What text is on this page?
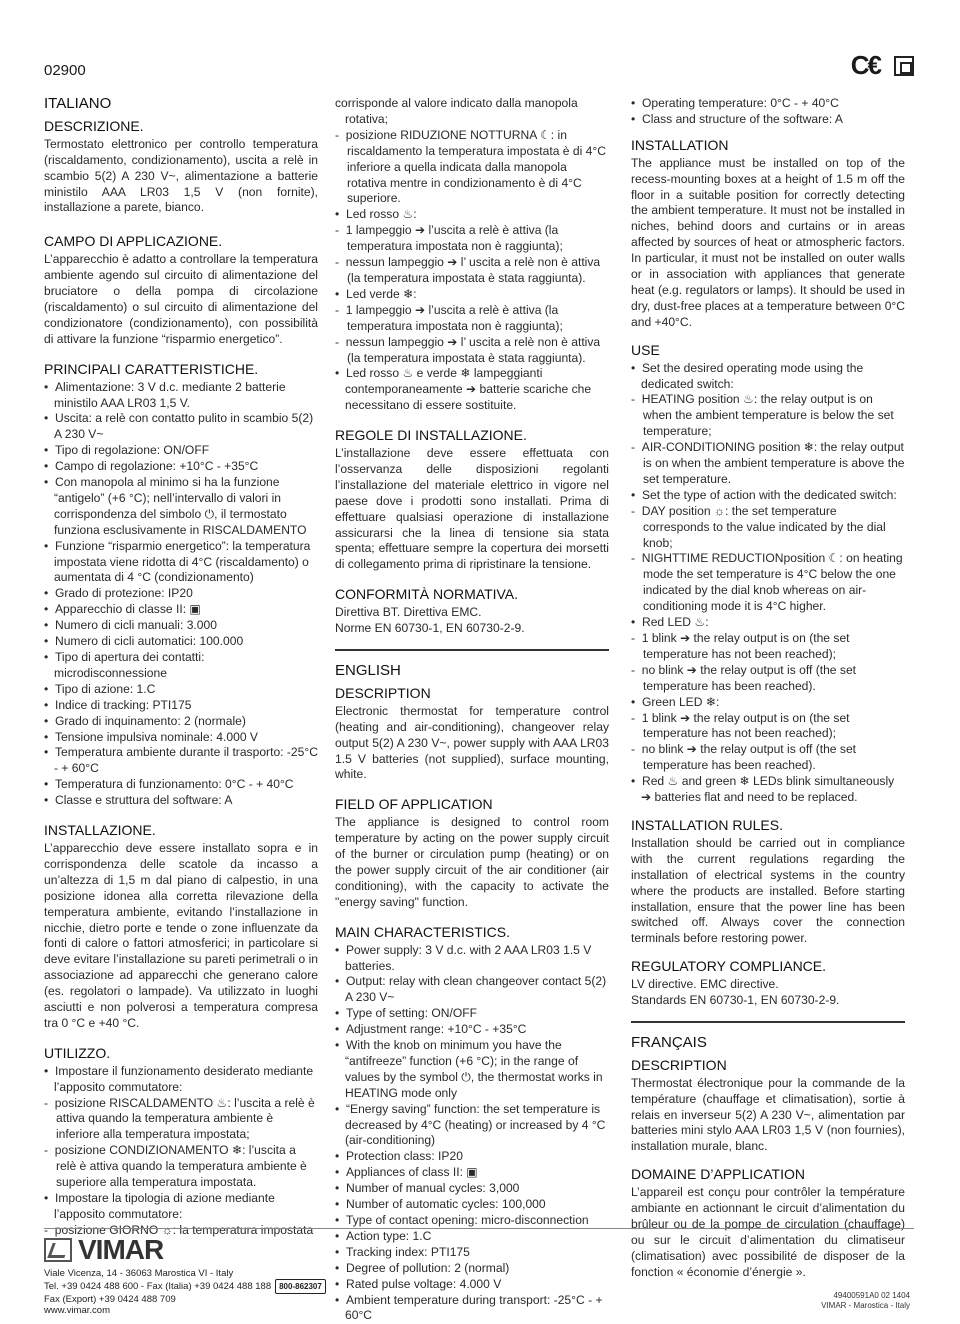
02900	C€
ITALIANO
DESCRIZIONE.

Termostato elettronico per controllo temperatura (riscaldamento, condizionamento), uscita a relè in scambio 5(2) A 230 V~, alimentazione a batterie ministilo AAA LR03 1,5 V (non fornite), installazione a parete, bianco.

CAMPO DI APPLICAZIONE.

L’apparecchio è adatto a controllare la temperatura ambiente agendo sul circuito di alimentazione del bruciatore o della pompa di circolazione (riscaldamento) o sul circuito di alimentazione del condizionatore (condizionamento), con possibilità di attivare la funzione “risparmio energetico”.

PRINCIPALI CARATTERISTICHE.
•  Alimentazione: 3 V d.c. mediante 2 batterie ministilo AAA LR03 1,5 V.
•  Uscita: a relè con contatto pulito in scambio 5(2) A 230 V~
•  Tipo di regolazione: ON/OFF
•  Campo di regolazione: +10°C - +35°C
•  Con manopola al minimo si ha la funzione “antigelo” (+6 °C); nell’intervallo di valori in corrispondenza del simbolo ⏻, il termostato funziona esclusivamente in RISCALDAMENTO
•  Funzione “risparmio energetico”: la temperatura impostata viene ridotta di 4°C (riscaldamento) o aumentata di 4 °C (condizionamento)
•  Grado di protezione: IP20
•  Apparecchio di classe II: ▣
•  Numero di cicli manuali: 3.000
•  Numero di cicli automatici: 100.000
•  Tipo di apertura dei contatti: microdisconnessione
•  Tipo di azione: 1.C
•  Indice di tracking: PTI175
•  Grado di inquinamento: 2 (normale)
•  Tensione impulsiva nominale: 4.000 V
•  Temperatura ambiente durante il trasporto: -25°C - + 60°C
•  Temperatura di funzionamento: 0°C - + 40°C
•  Classe e struttura del software: A
INSTALLAZIONE.

L’apparecchio deve essere installato sopra e in corrispondenza delle scatole da incasso a un’altezza di 1,5 m dal piano di calpestio, in una posizione idonea alla corretta rilevazione della temperatura ambiente, evitando l’installazione in nicchie, dietro porte e tende o zone influenzate da fonti di calore o fattori atmosferici; in particolare si deve evitare l’installazione su pareti perimetrali o in associazione ad apparecchi che generano calore (es. regolatori o lampade). Va utilizzato in luoghi asciutti e non polverosi a temperatura compresa tra 0 °C e +40 °C.

UTILIZZO.
•  Impostare il funzionamento desiderato mediante l’apposito commutatore:
-  posizione RISCALDAMENTO ♨: l’uscita a relè è attiva quando la temperatura ambiente è inferiore alla temperatura impostata;
-  posizione CONDIZIONAMENTO ❄: l’uscita a relè è attiva quando la temperatura ambiente è superiore alla temperatura impostata.
•  Impostare la tipologia di azione mediante l’apposito commutatore:
-  posizione GIORNO ☼: la temperatura impostata
corrisponde al valore indicato dalla manopola rotativa;
-  posizione RIDUZIONE NOTTURNA ☾: in riscaldamento la temperatura impostata è di 4°C inferiore a quella indicata dalla manopola rotativa mentre in condizionamento è di 4°C superiore.
•  Led rosso ♨:
-  1 lampeggio ➔ l’uscita a relè è attiva (la temperatura impostata non è raggiunta);
-  nessun lampeggio ➔ l’ uscita a relè non è attiva (la temperatura impostata è stata raggiunta).
•  Led verde ❄:
-  1 lampeggio ➔ l’uscita a relè è attiva (la temperatura impostata non è raggiunta);
-  nessun lampeggio ➔ l’ uscita a relè non è attiva (la temperatura impostata è stata raggiunta).
•  Led rosso ♨ e verde ❄ lampeggianti contemporaneamente ➔ batterie scariche che necessitano di essere sostituite.
REGOLE DI INSTALLAZIONE.

L’installazione deve essere effettuata con l’osservanza delle disposizioni regolanti l’installazione del materiale elettrico in vigore nel paese dove i prodotti sono installati. Prima di effettuare qualsiasi operazione di installazione assicurarsi che la linea di tensione sia stata spenta; effettuare sempre la copertura dei morsetti di collegamento prima di ripristinare la tensione.

CONFORMITÀ NORMATIVA.
Direttiva BT. Direttiva EMC.
Norme EN 60730-1, EN 60730-2-9.
ENGLISH
DESCRIPTION

Electronic thermostat for temperature control (heating and air-conditioning), changeover relay output 5(2) A 230 V~, power supply with AAA LR03 1.5 V batteries (not supplied), surface mounting, white.

FIELD OF APPLICATION

The appliance is designed to control room temperature by acting on the power supply circuit of the burner or circulation pump (heating) or on the power supply circuit of the air conditioner (air conditioning), with the capacity to activate the "energy saving" function.

MAIN CHARACTERISTICS.
•  Power supply: 3 V d.c. with 2 AAA LR03 1.5 V batteries.
•  Output: relay with clean changeover contact 5(2) A 230 V~
•  Type of setting: ON/OFF
•  Adjustment range: +10°C - +35°C
•  With the knob on minimum you have the “antifreeze” function (+6 °C); in the range of values by the symbol ⏻, the thermostat works in HEATING mode only
•  “Energy saving” function: the set temperature is decreased by 4°C (heating) or increased by 4 °C (air-conditioning)
•  Protection class: IP20
•  Appliances of class II: ▣
•  Number of manual cycles: 3,000
•  Number of automatic cycles: 100,000
•  Type of contact opening: micro-disconnection
•  Action type: 1.C
•  Tracking index: PTI175
•  Degree of pollution: 2 (normal)
•  Rated pulse voltage: 4.000 V
•  Ambient temperature during transport: -25°C - + 60°C
•  Operating temperature: 0°C - + 40°C
•  Class and structure of the software: A
INSTALLATION

The appliance must be installed on top of the recess-mounting boxes at a height of 1.5 m off the floor in a suitable position for correctly detecting the ambient temperature. It must not be installed in niches, behind doors and curtains or in areas affected by sources of heat or atmospheric factors. In particular, it must not be installed on outer walls or in association with appliances that generate heat (e.g. regulators or lamps). It should be used in dry, dust-free places at a temperature between 0°C and +40°C.

USE
•  Set the desired operating mode using the dedicated switch:
-  HEATING position ♨: the relay output is on when the ambient temperature is below the set temperature;
-  AIR-CONDITIONING position ❄: the relay output is on when the ambient temperature is above the set temperature.
•  Set the type of action with the dedicated switch:
-  DAY position ☼: the set temperature corresponds to the value indicated by the dial knob;
-  NIGHTTIME REDUCTIONposition ☾: on heating mode the set temperature is 4°C below the one indicated by the dial knob whereas on air-conditioning mode it is 4°C higher.
•  Red LED ♨:
-  1 blink ➔ the relay output is on (the set temperature has not been reached);
-  no blink ➔ the relay output is off (the set temperature has been reached).
•  Green LED ❄:
-  1 blink ➔ the relay output is on (the set temperature has not been reached);
-  no blink ➔ the relay output is off (the set temperature has been reached).
•  Red ♨ and green ❄ LEDs blink simultaneously ➔ batteries flat and need to be replaced.
INSTALLATION RULES.

Installation should be carried out in compliance with the current regulations regarding the installation of electrical systems in the country where the products are installed. Before starting installation, ensure that the power line has been switched off. Always cover the connection terminals before restoring power.

REGULATORY COMPLIANCE.
LV directive. EMC directive.
Standards EN 60730-1, EN 60730-2-9.
FRANÇAIS
DESCRIPTION

Thermostat électronique pour la commande de la température (chauffage et climatisation), sortie à relais en inverseur 5(2) A 230 V~, alimentation par batteries mini stylo AAA LR03 1,5 V (non fournies), installation murale, blanc.

DOMAINE D’APPLICATION

L’appareil est conçu pour contrôler la température ambiante en actionnant le circuit d’alimentation du brûleur ou de la pompe de circulation (chauffage) ou sur le circuit d’alimentation du climatiseur (climatisation) avec possibilité de disposer de la fonction « économie d’énergie ».

VIMAR
Viale Vicenza, 14 - 36063 Marostica VI - Italy
Tel. +39 0424 488 600 - Fax (Italia) +39 0424 488 188 800-862307
Fax (Export) +39 0424 488 709
www.vimar.com
49400591A0 02 1404
VIMAR - Marostica - Italy
